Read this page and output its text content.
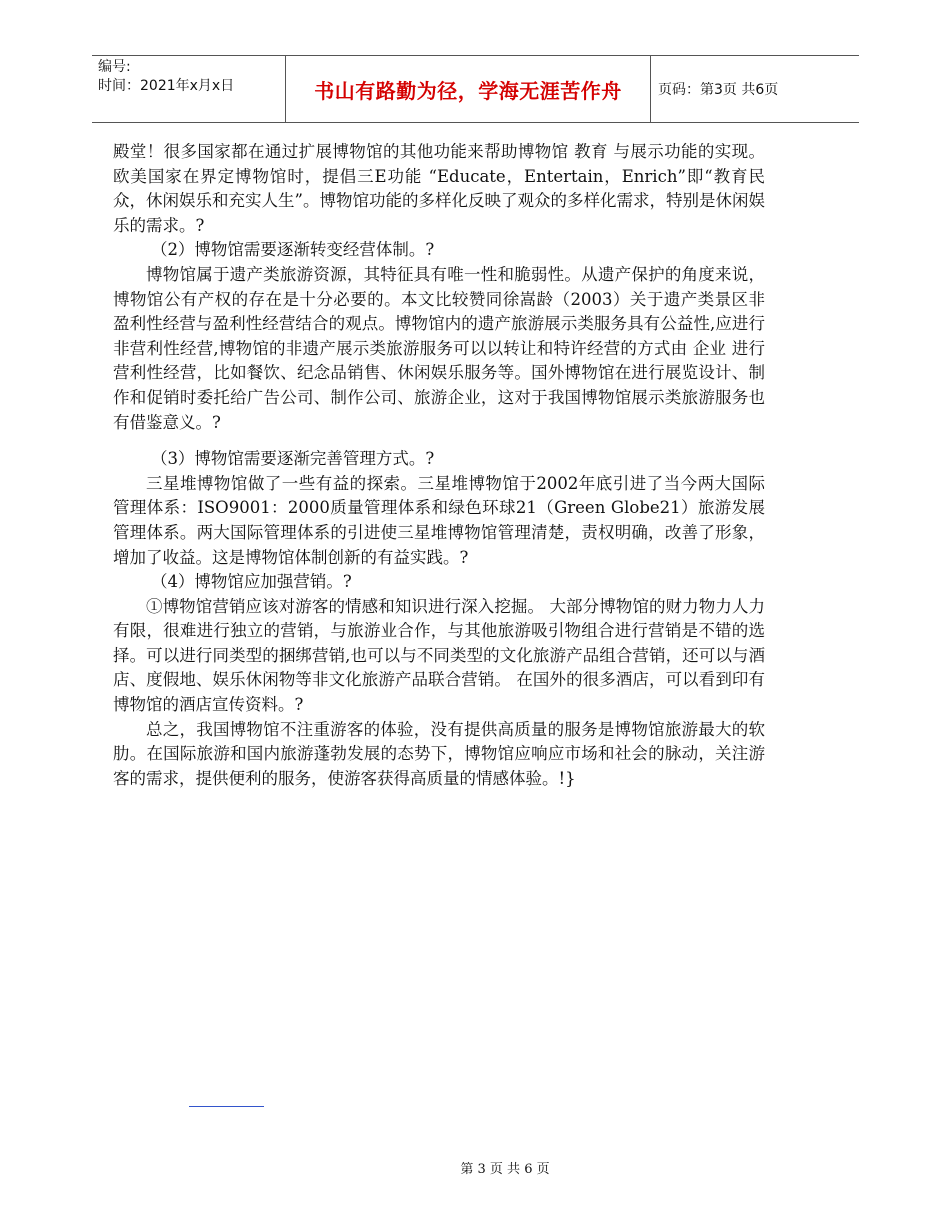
编号:
时间：2021年x月x日	书山有路勤为径，学海无涯苦作舟	页码：第3页 共6页

殿堂！很多国家都在通过扩展博物馆的其他功能来帮助博物馆 教育 与展示功能的实现。欧美国家在界定博物馆时，提倡三E功能 “Educate，Entertain，Enrich”即“教育民众，休闲娱乐和充实人生”。博物馆功能的多样化反映了观众的多样化需求，特别是休闲娱乐的需求。?

（2）博物馆需要逐渐转变经营体制。?

博物馆属于遗产类旅游资源，其特征具有唯一性和脆弱性。从遗产保护的角度来说，博物馆公有产权的存在是十分必要的。本文比较赞同徐嵩龄（2003）关于遗产类景区非盈利性经营与盈利性经营结合的观点。博物馆内的遗产旅游展示类服务具有公益性,应进行非营利性经营,博物馆的非遗产展示类旅游服务可以以转让和特许经营的方式由 企业 进行营利性经营，比如餐饮、纪念品销售、休闲娱乐服务等。国外博物馆在进行展览设计、制作和促销时委托给广告公司、制作公司、旅游企业，这对于我国博物馆展示类旅游服务也有借鉴意义。?

（3）博物馆需要逐渐完善管理方式。?

三星堆博物馆做了一些有益的探索。三星堆博物馆于2002年底引进了当今两大国际管理体系：ISO9001：2000质量管理体系和绿色环球21（Green Globe21）旅游发展管理体系。两大国际管理体系的引进使三星堆博物馆管理清楚，责权明确，改善了形象，增加了收益。这是博物馆体制创新的有益实践。?

（4）博物馆应加强营销。?

①博物馆营销应该对游客的情感和知识进行深入挖掘。 大部分博物馆的财力物力人力有限，很难进行独立的营销，与旅游业合作，与其他旅游吸引物组合进行营销是不错的选择。可以进行同类型的捆绑营销,也可以与不同类型的文化旅游产品组合营销，还可以与酒店、度假地、娱乐休闲物等非文化旅游产品联合营销。 在国外的很多酒店，可以看到印有博物馆的酒店宣传资料。?

总之，我国博物馆不注重游客的体验，没有提供高质量的服务是博物馆旅游最大的软肋。在国际旅游和国内旅游蓬勃发展的态势下，博物馆应响应市场和社会的脉动，关注游客的需求，提供便利的服务，使游客获得高质量的情感体验。!}

第 3 页 共 6 页
